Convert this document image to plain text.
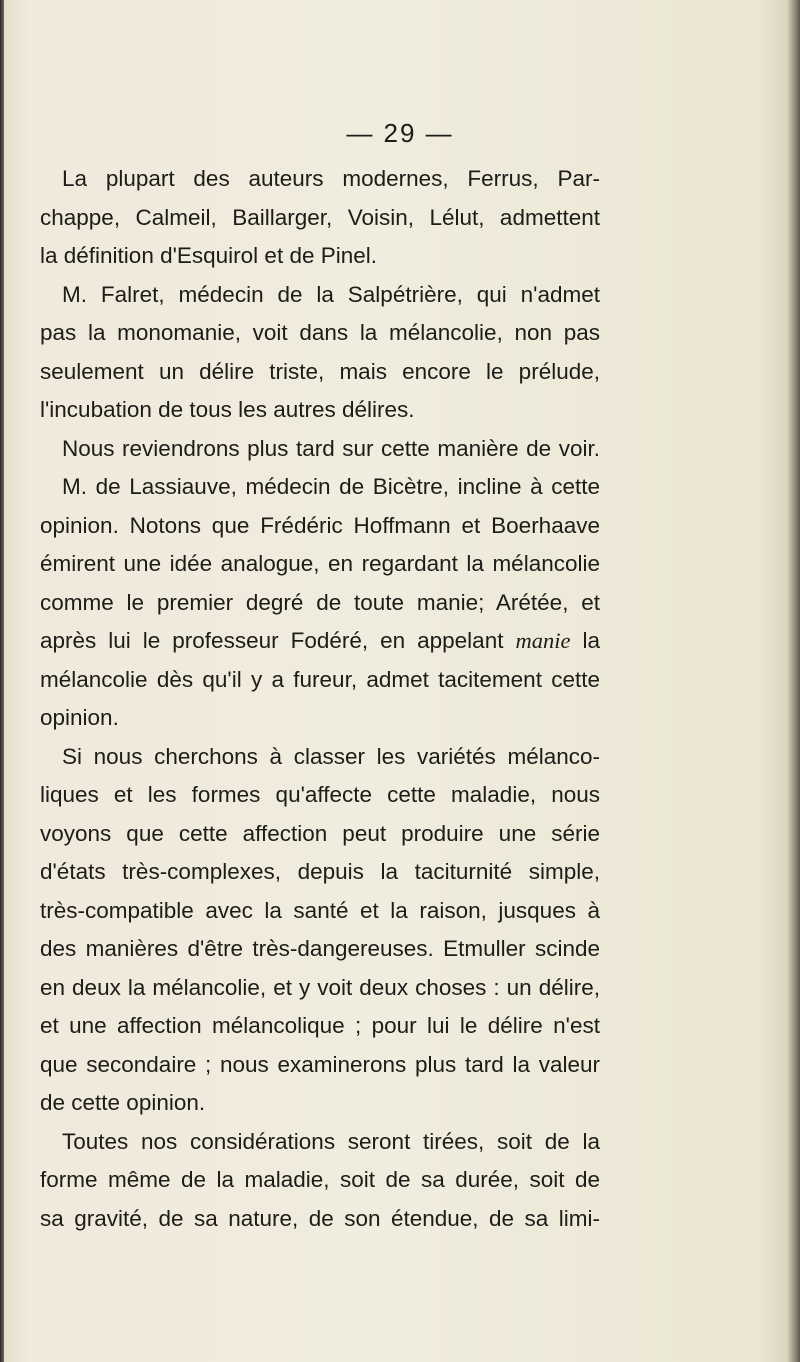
— 29 —
La plupart des auteurs modernes, Ferrus, Par-
chappe, Calmeil, Baillarger, Voisin, Lélut, admettent
la définition d'Esquirol et de Pinel.
M. Falret, médecin de la Salpétrière, qui n'admet
pas la monomanie, voit dans la mélancolie, non pas
seulement un délire triste, mais encore le prélude,
l'incubation de tous les autres délires.
Nous reviendrons plus tard sur cette manière de voir.
M. de Lassiauve, médecin de Bicètre, incline à cette
opinion. Notons que Frédéric Hoffmann et Boerhaave
émirent une idée analogue, en regardant la mélancolie
comme le premier degré de toute manie; Arétée, et
après lui le professeur Fodéré, en appelant manie la
mélancolie dès qu'il y a fureur, admet tacitement cette
opinion.
Si nous cherchons à classer les variétés mélanco-
liques et les formes qu'affecte cette maladie, nous
voyons que cette affection peut produire une série
d'états très-complexes, depuis la taciturnité simple,
très-compatible avec la santé et la raison, jusques à
des manières d'être très-dangereuses. Etmuller scinde
en deux la mélancolie, et y voit deux choses : un délire,
et une affection mélancolique ; pour lui le délire n'est
que secondaire ; nous examinerons plus tard la valeur
de cette opinion.
Toutes nos considérations seront tirées, soit de la
forme même de la maladie, soit de sa durée, soit de
sa gravité, de sa nature, de son étendue, de sa limi-
